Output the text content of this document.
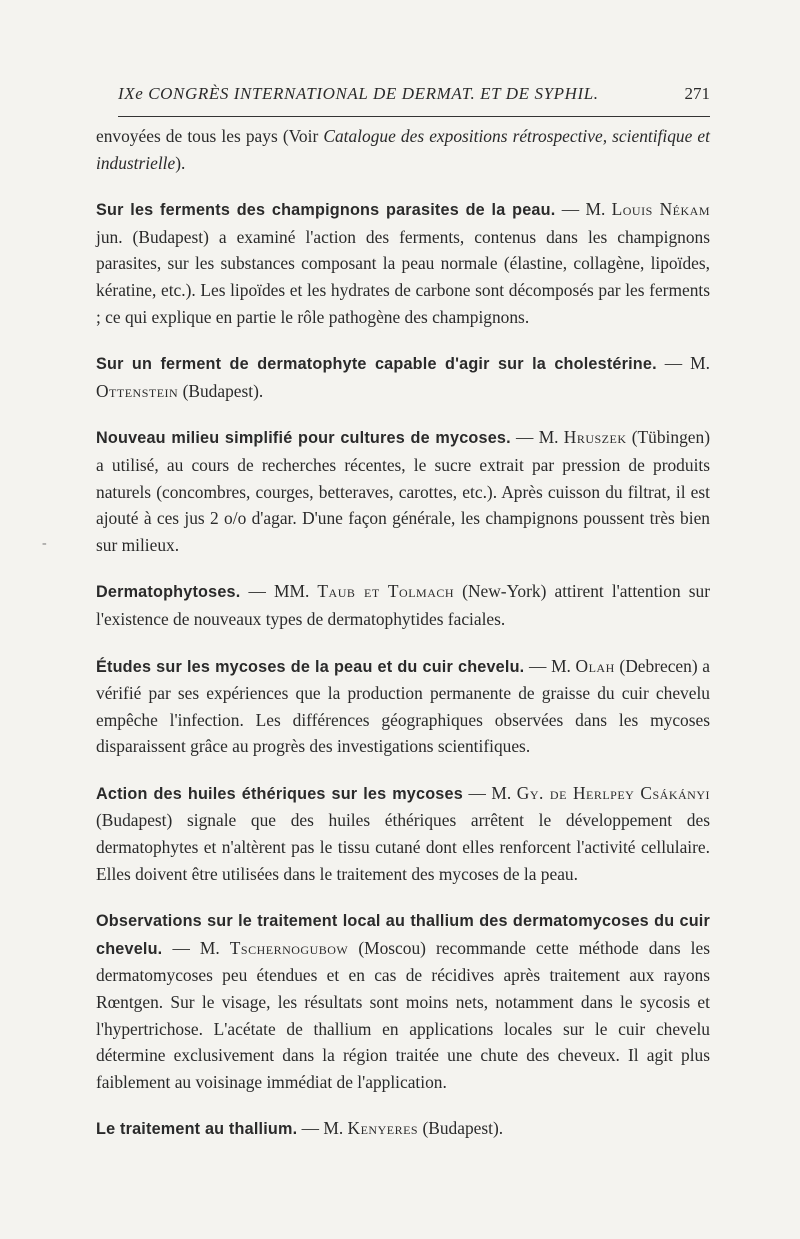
IXe CONGRÈS INTERNATIONAL DE DERMAT. ET DE SYPHIL.	271
-

envoyées de tous les pays (Voir Catalogue des expositions rétrospective, scientifique et industrielle).

Sur les ferments des champignons parasites de la peau. — M. Louis Nékam jun. (Budapest) a examiné l'action des ferments, contenus dans les champignons parasites, sur les substances composant la peau normale (élastine, collagène, lipoïdes, kératine, etc.). Les lipoïdes et les hydrates de carbone sont décomposés par les ferments ; ce qui explique en partie le rôle pathogène des champignons.

Sur un ferment de dermatophyte capable d'agir sur la cholestérine. — M. Ottenstein (Budapest).

Nouveau milieu simplifié pour cultures de mycoses. — M. Hruszek (Tübingen) a utilisé, au cours de recherches récentes, le sucre extrait par pression de produits naturels (concombres, courges, betteraves, carottes, etc.). Après cuisson du filtrat, il est ajouté à ces jus 2 o/o d'agar. D'une façon générale, les champignons poussent très bien sur milieux.

Dermatophytoses. — MM. Taub et Tolmach (New-York) attirent l'attention sur l'existence de nouveaux types de dermatophytides faciales.

Études sur les mycoses de la peau et du cuir chevelu. — M. Olah (Debrecen) a vérifié par ses expériences que la production permanente de graisse du cuir chevelu empêche l'infection. Les différences géographiques observées dans les mycoses disparaissent grâce au progrès des investigations scientifiques.

Action des huiles éthériques sur les mycoses — M. Gy. de Herlpey Csákányi (Budapest) signale que des huiles éthériques arrêtent le développement des dermatophytes et n'altèrent pas le tissu cutané dont elles renforcent l'activité cellulaire. Elles doivent être utilisées dans le traitement des mycoses de la peau.

Observations sur le traitement local au thallium des dermatomycoses du cuir chevelu. — M. Tschernogubow (Moscou) recommande cette méthode dans les dermatomycoses peu étendues et en cas de récidives après traitement aux rayons Rœntgen. Sur le visage, les résultats sont moins nets, notamment dans le sycosis et l'hypertrichose. L'acétate de thallium en applications locales sur le cuir chevelu détermine exclusivement dans la région traitée une chute des cheveux. Il agit plus faiblement au voisinage immédiat de l'application.

Le traitement au thallium. — M. Kenyeres (Budapest).
